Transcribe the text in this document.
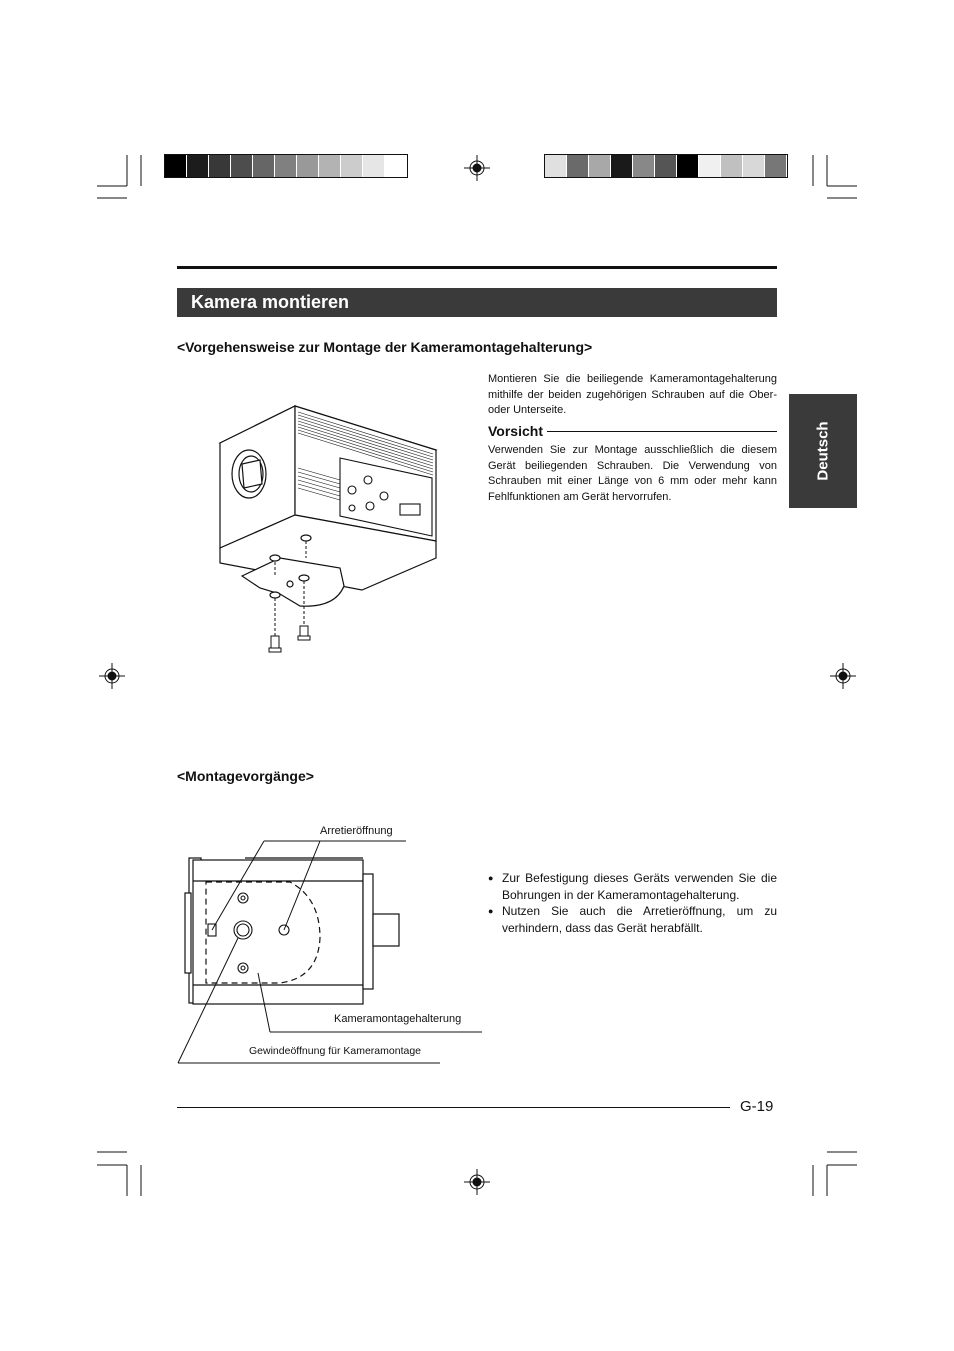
Kamera montieren
<Vorgehensweise zur Montage der Kameramontagehalterung>
Montieren Sie die beiliegende Kameramontagehalterung mithilfe der beiden zugehörigen Schrauben auf die Ober- oder Unterseite.
Vorsicht
Verwenden Sie zur Montage ausschließlich die diesem Gerät beiliegenden Schrauben. Die Verwendung von Schrauben mit einer Länge von 6 mm oder mehr kann Fehlfunktionen am Gerät hervorrufen.
Deutsch
<Montagevorgänge>
Arretieröffnung
Kameramontagehalterung
Gewindeöffnung für Kameramontage
● Zur Befestigung dieses Geräts verwenden Sie die Bohrungen in der Kameramontagehalterung.
● Nutzen Sie auch die Arretieröffnung, um zu verhindern, dass das Gerät herabfällt.
G-19
